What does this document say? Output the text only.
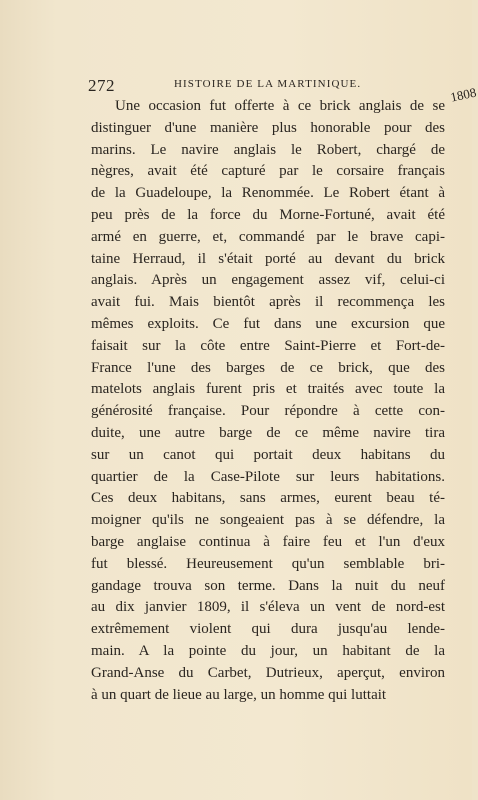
272	HISTOIRE DE LA MARTINIQUE.
1808
Une occasion fut offerte à ce brick anglais de se
distinguer d'une manière plus honorable pour des
marins. Le navire anglais le Robert, chargé de
nègres, avait été capturé par le corsaire français
de la Guadeloupe, la Renommée. Le Robert étant à
peu près de la force du Morne-Fortuné, avait été
armé en guerre, et, commandé par le brave capi-
taine Herraud, il s'était porté au devant du brick
anglais. Après un engagement assez vif, celui-ci
avait fui. Mais bientôt après il recommença les
mêmes exploits. Ce fut dans une excursion que
faisait sur la côte entre Saint-Pierre et Fort-de-
France l'une des barges de ce brick, que des
matelots anglais furent pris et traités avec toute la
générosité française. Pour répondre à cette con-
duite, une autre barge de ce même navire tira
sur un canot qui portait deux habitans du
quartier de la Case-Pilote sur leurs habitations.
Ces deux habitans, sans armes, eurent beau té-
moigner qu'ils ne songeaient pas à se défendre, la
barge anglaise continua à faire feu et l'un d'eux
fut blessé. Heureusement qu'un semblable bri-
gandage trouva son terme. Dans la nuit du neuf
au dix janvier 1809, il s'éleva un vent de nord-est
extrêmement violent qui dura jusqu'au lende-
main. A la pointe du jour, un habitant de la
Grand-Anse du Carbet, Dutrieux, aperçut, environ
à un quart de lieue au large, un homme qui luttait
